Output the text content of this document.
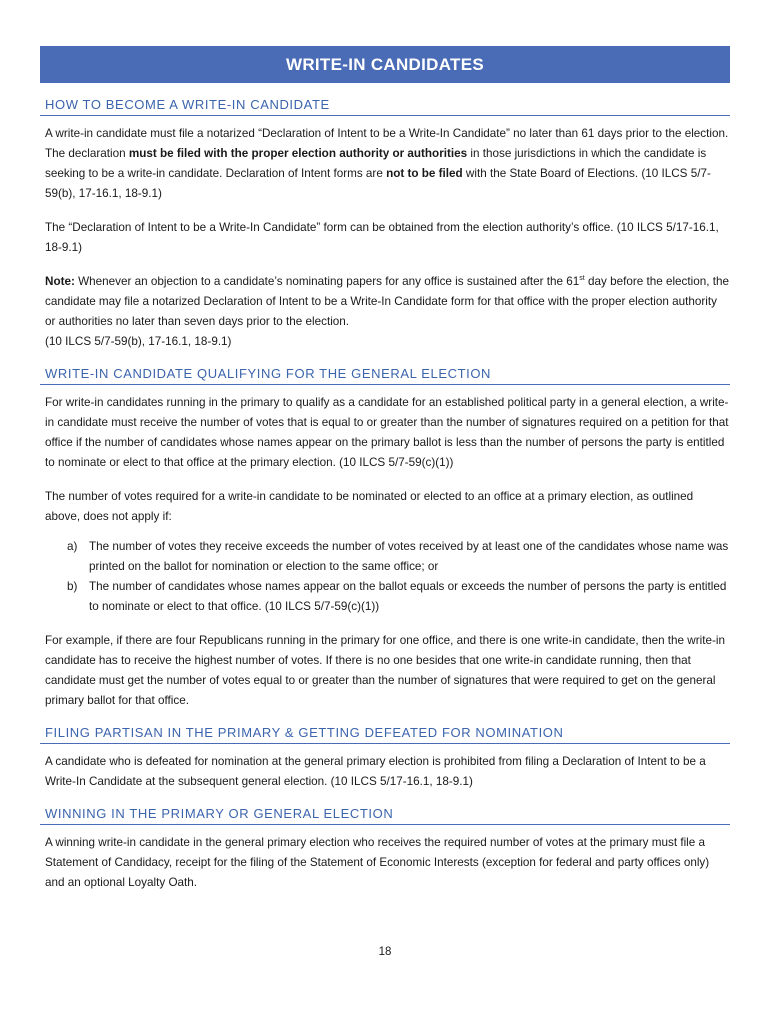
WRITE-IN CANDIDATES
HOW TO BECOME A WRITE-IN CANDIDATE

A write-in candidate must file a notarized “Declaration of Intent to be a Write-In Candidate” no later than 61 days prior to the election. The declaration must be filed with the proper election authority or authorities in those jurisdictions in which the candidate is seeking to be a write-in candidate. Declaration of Intent forms are not to be filed with the State Board of Elections. (10 ILCS 5/7-59(b), 17-16.1, 18-9.1)

The “Declaration of Intent to be a Write-In Candidate” form can be obtained from the election authority’s office. (10 ILCS 5/17-16.1, 18-9.1)

Note: Whenever an objection to a candidate’s nominating papers for any office is sustained after the 61st day before the election, the candidate may file a notarized Declaration of Intent to be a Write-In Candidate form for that office with the proper election authority or authorities no later than seven days prior to the election.
(10 ILCS 5/7-59(b), 17-16.1, 18-9.1)

WRITE-IN CANDIDATE QUALIFYING FOR THE GENERAL ELECTION

For write-in candidates running in the primary to qualify as a candidate for an established political party in a general election, a write-in candidate must receive the number of votes that is equal to or greater than the number of signatures required on a petition for that office if the number of candidates whose names appear on the primary ballot is less than the number of persons the party is entitled to nominate or elect to that office at the primary election. (10 ILCS 5/7-59(c)(1))

The number of votes required for a write-in candidate to be nominated or elected to an office at a primary election, as outlined above, does not apply if:

a) The number of votes they receive exceeds the number of votes received by at least one of the candidates whose name was printed on the ballot for nomination or election to the same office; or
b) The number of candidates whose names appear on the ballot equals or exceeds the number of persons the party is entitled to nominate or elect to that office. (10 ILCS 5/7-59(c)(1))

For example, if there are four Republicans running in the primary for one office, and there is one write-in candidate, then the write-in candidate has to receive the highest number of votes. If there is no one besides that one write-in candidate running, then that candidate must get the number of votes equal to or greater than the number of signatures that were required to get on the general primary ballot for that office.

FILING PARTISAN IN THE PRIMARY & GETTING DEFEATED FOR NOMINATION

A candidate who is defeated for nomination at the general primary election is prohibited from filing a Declaration of Intent to be a Write-In Candidate at the subsequent general election. (10 ILCS 5/17-16.1, 18-9.1)

WINNING IN THE PRIMARY OR GENERAL ELECTION

A winning write-in candidate in the general primary election who receives the required number of votes at the primary must file a Statement of Candidacy, receipt for the filing of the Statement of Economic Interests (exception for federal and party offices only) and an optional Loyalty Oath.

18
